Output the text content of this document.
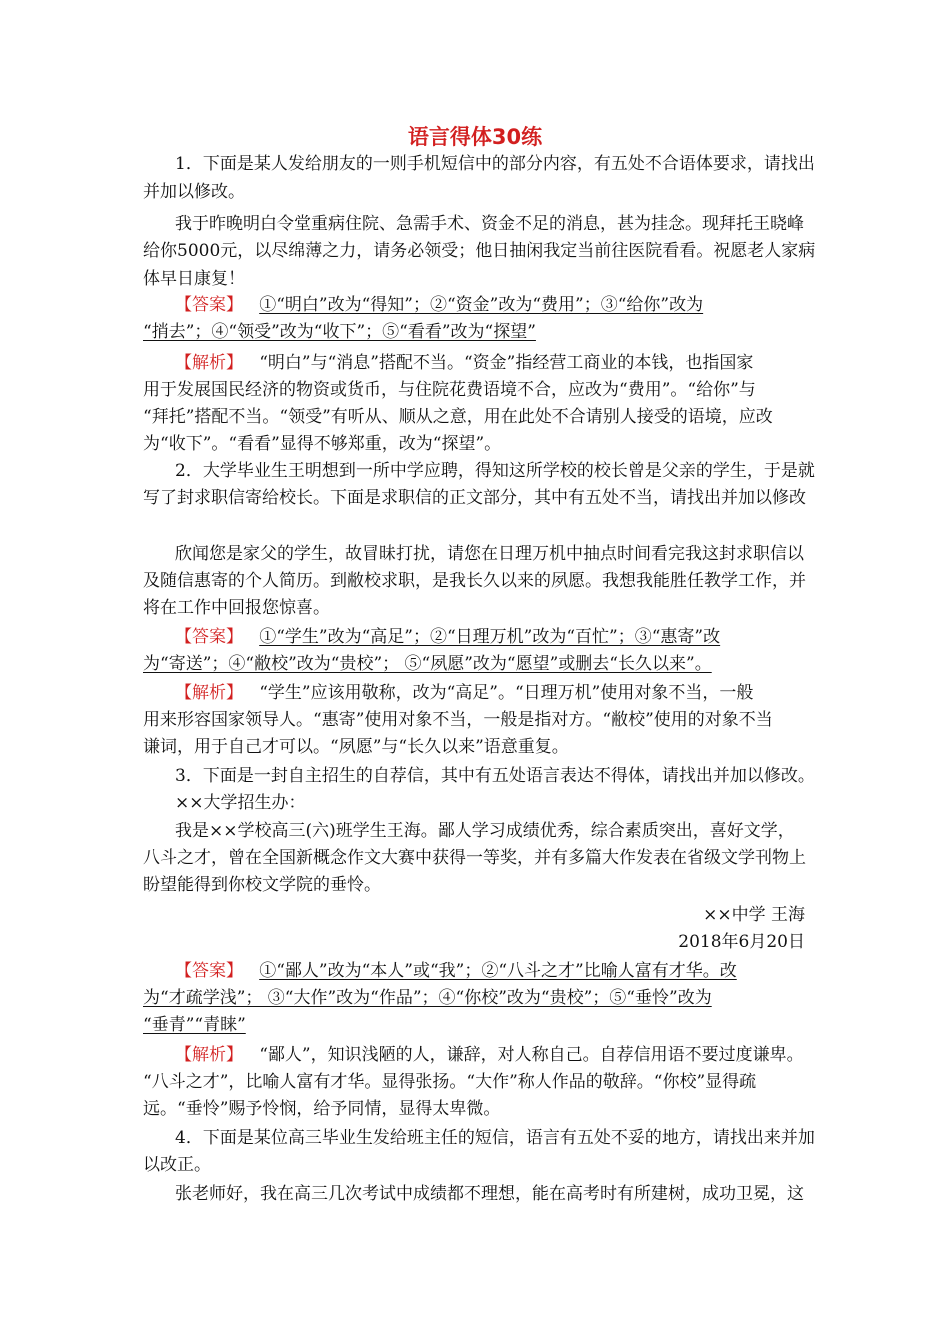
语言得体30练
1．下面是某人发给朋友的一则手机短信中的部分内容，有五处不合语体要求，请找出
并加以修改。
我于昨晚明白令堂重病住院、急需手术、资金不足的消息，甚为挂念。现拜托王晓峰
给你5000元，以尽绵薄之力，请务必领受；他日抽闲我定当前往医院看看。祝愿老人家病
体早日康复！
【答案】 ①“明白”改为“得知”；②“资金”改为“费用”；③“给你”改为
“捎去”；④“领受”改为“收下”；⑤“看看”改为“探望”
【解析】 “明白”与“消息”搭配不当。“资金”指经营工商业的本钱，也指国家
用于发展国民经济的物资或货币，与住院花费语境不合，应改为“费用”。“给你”与
“拜托”搭配不当。“领受”有听从、顺从之意，用在此处不合请别人接受的语境，应改
为“收下”。“看看”显得不够郑重，改为“探望”。
2．大学毕业生王明想到一所中学应聘，得知这所学校的校长曾是父亲的学生，于是就
写了封求职信寄给校长。下面是求职信的正文部分，其中有五处不当，请找出并加以修改
欣闻您是家父的学生，故冒昧打扰，请您在日理万机中抽点时间看完我这封求职信以
及随信惠寄的个人简历。到敝校求职，是我长久以来的夙愿。我想我能胜任教学工作，并
将在工作中回报您惊喜。
【答案】 ①“学生”改为“高足”；②“日理万机”改为“百忙”；③“惠寄”改
为“寄送”；④“敝校”改为“贵校”； ⑤“夙愿”改为“愿望”或删去“长久以来”。
【解析】 “学生”应该用敬称，改为“高足”。“日理万机”使用对象不当，一般
用来形容国家领导人。“惠寄”使用对象不当，一般是指对方。“敝校”使用的对象不当
谦词，用于自己才可以。“夙愿”与“长久以来”语意重复。
3．下面是一封自主招生的自荐信，其中有五处语言表达不得体，请找出并加以修改。
××大学招生办：
我是××学校高三(六)班学生王海。鄙人学习成绩优秀，综合素质突出，喜好文学，
八斗之才，曾在全国新概念作文大赛中获得一等奖，并有多篇大作发表在省级文学刊物上
盼望能得到你校文学院的垂怜。
××中学 王海
2018年6月20日
【答案】 ①“鄙人”改为“本人”或“我”；②“八斗之才”比喻人富有才华。改
为“才疏学浅”； ③“大作”改为“作品”；④“你校”改为“贵校”；⑤“垂怜”改为
“垂青”“青睐”
【解析】 “鄙人”，知识浅陋的人，谦辞，对人称自己。自荐信用语不要过度谦卑。
“八斗之才”，比喻人富有才华。显得张扬。“大作”称人作品的敬辞。“你校”显得疏
远。“垂怜”赐予怜悯，给予同情，显得太卑微。
4．下面是某位高三毕业生发给班主任的短信，语言有五处不妥的地方，请找出来并加
以改正。
张老师好，我在高三几次考试中成绩都不理想，能在高考时有所建树，成功卫冕，这
